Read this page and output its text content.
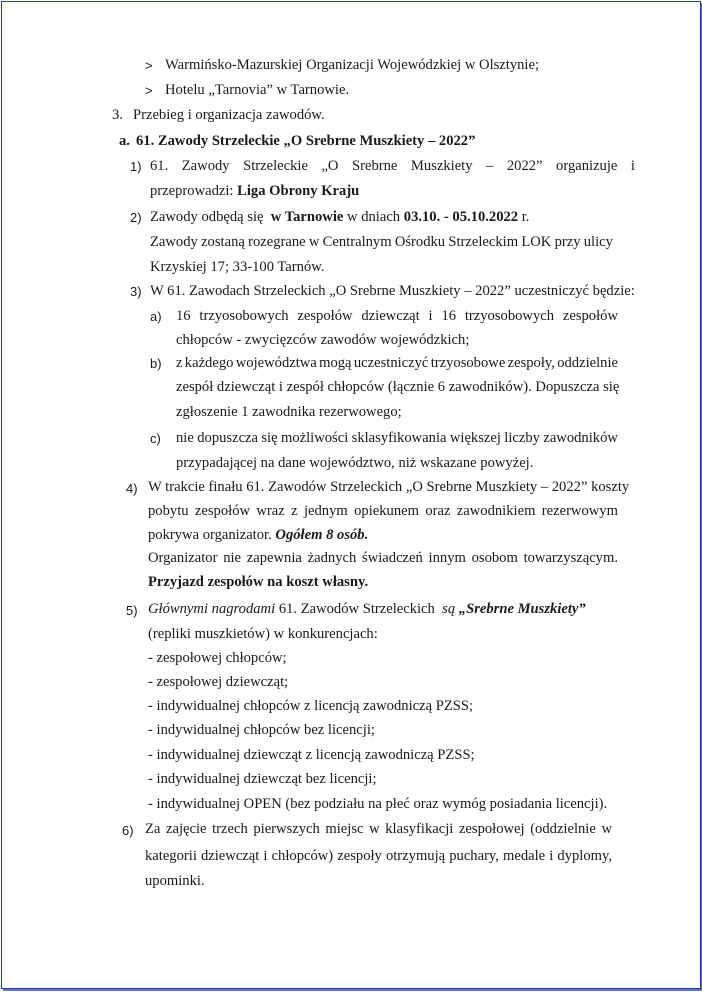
> Warmińsko-Mazurskiej Organizacji Wojewódzkiej w Olsztynie;
> Hotelu „Tarnovia” w Tarnowie.
3. Przebieg i organizacja zawodów.
a. 61. Zawody Strzeleckie „O Srebrne Muszkiety – 2022”
1) 61. Zawody Strzeleckie „O Srebrne Muszkiety – 2022” organizuje i
przeprowadzi: Liga Obrony Kraju
2) Zawody odbędą się w Tarnowie w dniach 03.10. - 05.10.2022 r.
Zawody zostaną rozegrane w Centralnym Ośrodku Strzeleckim LOK przy ulicy
Krzyskiej 17; 33-100 Tarnów.
3) W 61. Zawodach Strzeleckich „O Srebrne Muszkiety – 2022” uczestniczyć będzie:
a) 16 trzyosobowych zespołów dziewcząt i 16 trzyosobowych zespołów
chłopców - zwycięzców zawodów wojewódzkich;
b) z każdego województwa mogą uczestniczyć trzyosobowe zespoły, oddzielnie
zespół dziewcząt i zespół chłopców (łącznie 6 zawodników). Dopuszcza się
zgłoszenie 1 zawodnika rezerwowego;
c) nie dopuszcza się możliwości sklasyfikowania większej liczby zawodników
przypadającej na dane województwo, niż wskazane powyżej.
4) W trakcie finału 61. Zawodów Strzeleckich „O Srebrne Muszkiety – 2022” koszty
pobytu zespołów wraz z jednym opiekunem oraz zawodnikiem rezerwowym
pokrywa organizator. Ogółem 8 osób.
Organizator nie zapewnia żadnych świadczeń innym osobom towarzyszącym.
Przyjazd zespołów na koszt własny.
5) Głównymi nagrodami 61. Zawodów Strzeleckich są „Srebrne Muszkiety”
(repliki muszkietów) w konkurencjach:
- zespołowej chłopców;
- zespołowej dziewcząt;
- indywidualnej chłopców z licencją zawodniczą PZSS;
- indywidualnej chłopców bez licencji;
- indywidualnej dziewcząt z licencją zawodniczą PZSS;
- indywidualnej dziewcząt bez licencji;
- indywidualnej OPEN (bez podziału na płeć oraz wymóg posiadania licencji).
6) Za zajęcie trzech pierwszych miejsc w klasyfikacji zespołowej (oddzielnie w
kategorii dziewcząt i chłopców) zespoły otrzymują puchary, medale i dyplomy,
upominki.
